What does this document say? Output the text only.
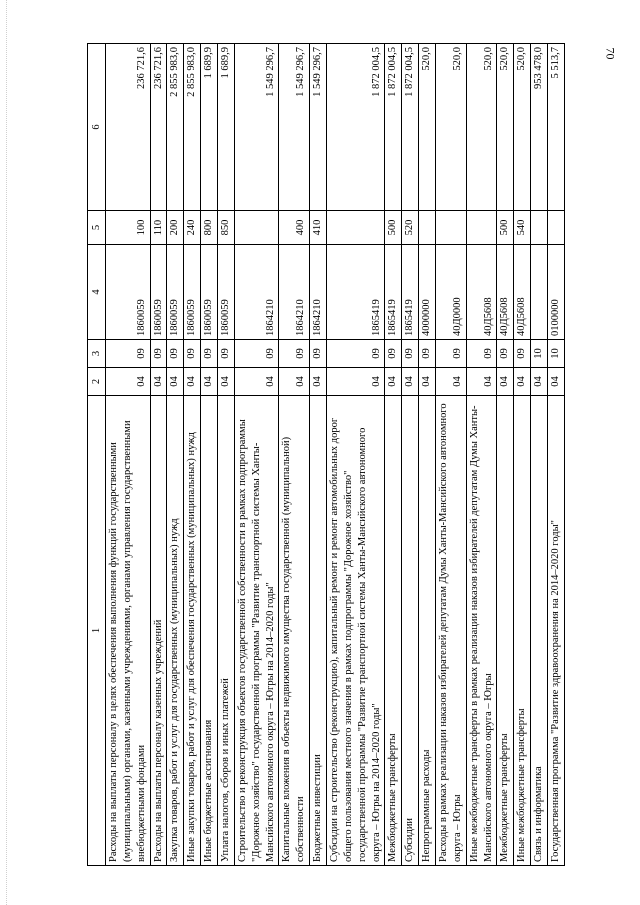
70
1	2	3	4	5	6
Расходы на выплаты персоналу в целях обеспечения выполнения функций государственными (муниципальными) органами, казенными учреждениями, органами управления государственными внебюджетными фондами	04	09	1860059	100	236 721,6
Расходы на выплаты персоналу казенных учреждений	04	09	1860059	110	236 721,6
Закупка товаров, работ и услуг для государственных (муниципальных) нужд	04	09	1860059	200	2 855 983,0
Иные закупки товаров, работ и услуг для обеспечения государственных (муниципальных) нужд	04	09	1860059	240	2 855 983,0
Иные бюджетные ассигнования	04	09	1860059	800	1 689,9
Уплата налогов, сборов и иных платежей	04	09	1860059	850	1 689,9
Строительство и реконструкция объектов государственной собственности в рамках подпрограммы "Дорожное хозяйство" государственной программы "Развитие транспортной системы Ханты-Мансийского автономного округа – Югры на 2014–2020 годы"	04	09	1864210		1 549 296,7
Капитальные вложения в объекты недвижимого имущества государственной (муниципальной) собственности	04	09	1864210	400	1 549 296,7
Бюджетные инвестиции	04	09	1864210	410	1 549 296,7
Субсидии на строительство (реконструкцию), капитальный ремонт и ремонт автомобильных дорог общего пользования местного значения в рамках подпрограммы "Дорожное хозяйство" государственной программы "Развитие транспортной системы Ханты-Мансийского автономного округа – Югры на 2014–2020 годы"	04	09	1865419		1 872 004,5
Межбюджетные трансферты	04	09	1865419	500	1 872 004,5
Субсидии	04	09	1865419	520	1 872 004,5
Непрограммные расходы	04	09	4000000		520,0
Расходы в рамках реализации наказов избирателей депутатам Думы Ханты-Мансийского автономного округа – Югры	04	09	40Д0000		520,0
Иные межбюджетные трансферты в рамках реализации наказов избирателей депутатам Думы Ханты-Мансийского автономного округа – Югры	04	09	40Д5608		520,0
Межбюджетные трансферты	04	09	40Д5608	500	520,0
Иные межбюджетные трансферты	04	09	40Д5608	540	520,0
Связь и информатика	04	10			953 478,0
Государственная программа "Развитие здравоохранения на 2014–2020 годы"	04	10	0100000		5 513,7
